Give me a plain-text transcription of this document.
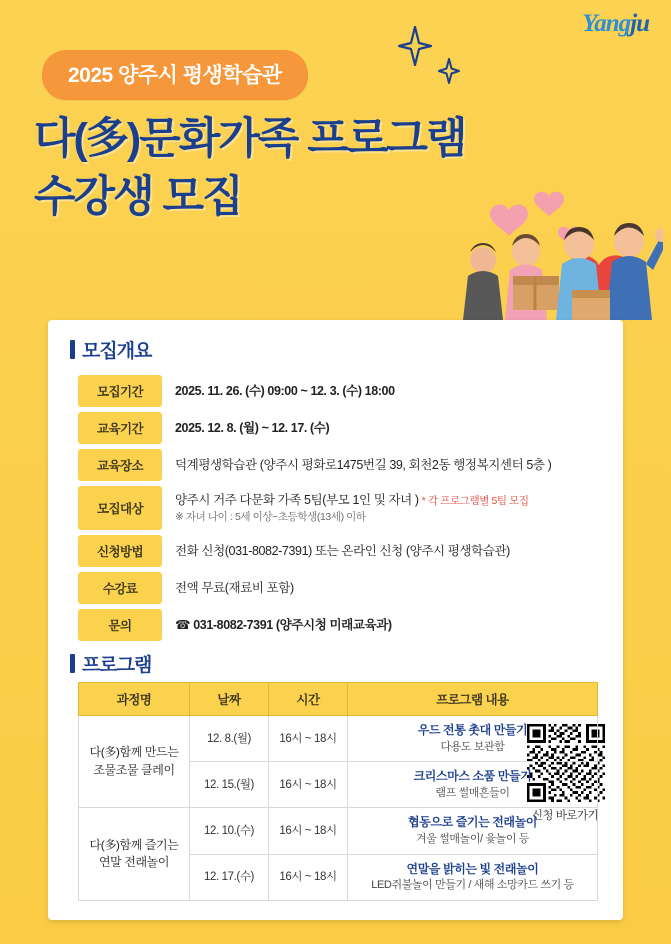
Yangju
2025 양주시 평생학습관
다(多)문화가족 프로그램
수강생 모집
모집개요
모집기간	2025. 11. 26. (수) 09:00 ~ 12. 3. (수) 18:00
교육기간	2025. 12. 8. (월) ~ 12. 17. (수)
교육장소	덕계평생학습관 (양주시 평화로1475번길 39, 회천2동 행정복지센터 5층 )
모집대상	양주시 거주 다문화 가족 5팀(부모 1인 및 자녀 ) * 각 프로그램별 5팀 모집
※ 자녀 나이 : 5세 이상~초등학생(13세) 이하

신청방법	전화 신청(031-8082-7391) 또는 온라인 신청 (양주시 평생학습관)
수강료	전액 무료(재료비 포함)
문의	☎ 031-8082-7391 (양주시청 미래교육과)
신청 바로가기
프로그램
과정명	날짜	시간	프로그램 내용
다(多)함께 만드는
조물조물 클레이	12. 8.(월)	16시 ~ 18시	우드 전통 촛대 만들기
다용도 보관함

	12. 15.(월)	16시 ~ 18시	크리스마스 소품 만들기
램프 썰매흔들이

다(多)함께 즐기는
연말 전래놀이	12. 10.(수)	16시 ~ 18시	협동으로 즐기는 전래놀이
겨울 썰매놀이/ 윷놀이 등

	12. 17.(수)	16시 ~ 18시	연말을 밝히는 빛 전래놀이
LED쥐불놀이 만들기 / 새해 소망카드 쓰기 등
